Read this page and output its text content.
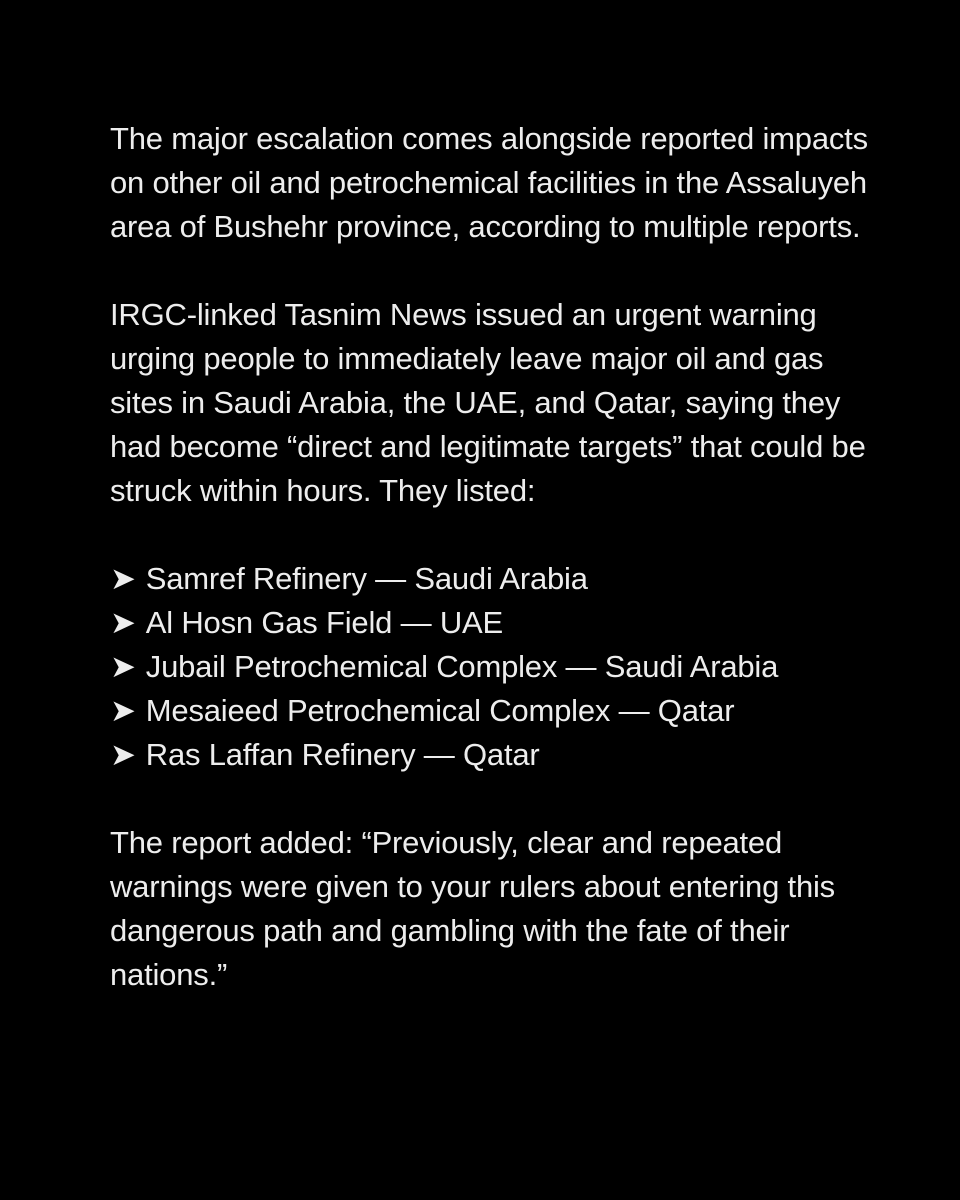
The major escalation comes alongside reported impacts on other oil and petrochemical facilities in the Assaluyeh area of Bushehr province, according to multiple reports.

IRGC-linked Tasnim News issued an urgent warning urging people to immediately leave major oil and gas sites in Saudi Arabia, the UAE, and Qatar, saying they had become “direct and legitimate targets” that could be struck within hours. They listed:

➤ Samref Refinery — Saudi Arabia
➤ Al Hosn Gas Field — UAE
➤ Jubail Petrochemical Complex — Saudi Arabia
➤ Mesaieed Petrochemical Complex — Qatar
➤ Ras Laffan Refinery — Qatar

The report added: “Previously, clear and repeated warnings were given to your rulers about entering this dangerous path and gambling with the fate of their nations.”
